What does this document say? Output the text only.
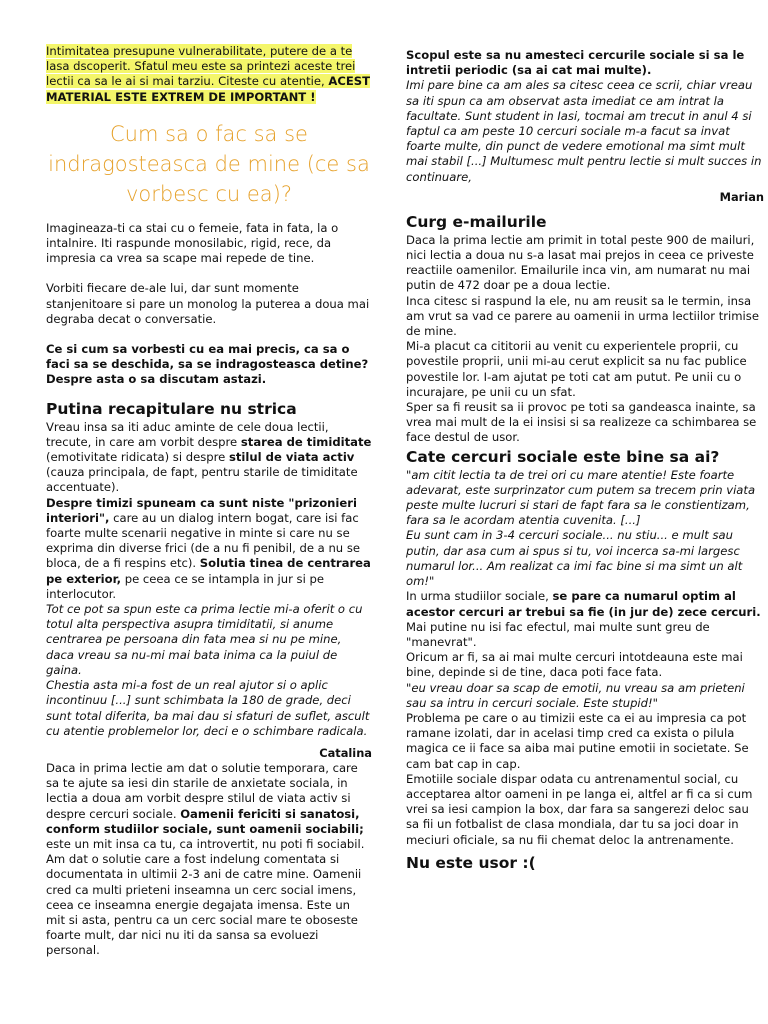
Intimitatea presupune vulnerabilitate, putere de a te lasa dscoperit. Sfatul meu este sa printezi aceste trei lectii ca sa le ai si mai tarziu. Citeste cu atentie, ACEST MATERIAL ESTE EXTREM DE IMPORTANT !

Cum sa o fac sa se indragosteasca de mine (ce sa vorbesc cu ea)?

Imagineaza-ti ca stai cu o femeie, fata in fata, la o intalnire. Iti raspunde monosilabic, rigid, rece, da impresia ca vrea sa scape mai repede de tine.

Vorbiti fiecare de-ale lui, dar sunt momente stanjenitoare si pare un monolog la puterea a doua mai degraba decat o conversatie.

Ce si cum sa vorbesti cu ea mai precis, ca sa o faci sa se deschida, sa se indragosteasca detine? Despre asta o sa discutam astazi.

Putina recapitulare nu strica

Vreau insa sa iti aduc aminte de cele doua lectii, trecute, in care am vorbit despre starea de timiditate (emotivitate ridicata) si despre stilul de viata activ (cauza principala, de fapt, pentru starile de timiditate accentuate).

Despre timizi spuneam ca sunt niste "prizonieri interiori", care au un dialog intern bogat, care isi fac foarte multe scenarii negative in minte si care nu se exprima din diverse frici (de a nu fi penibil, de a nu se bloca, de a fi respins etc). Solutia tinea de centrarea pe exterior, pe ceea ce se intampla in jur si pe interlocutor.

Tot ce pot sa spun este ca prima lectie mi-a oferit o cu totul alta perspectiva asupra timiditatii, si anume centrarea pe persoana din fata mea si nu pe mine, daca vreau sa nu-mi mai bata inima ca la puiul de gaina.

Chestia asta mi-a fost de un real ajutor si o aplic incontinuu [...] sunt schimbata la 180 de grade, deci sunt total diferita, ba mai dau si sfaturi de suflet, ascult cu atentie problemelor lor, deci e o schimbare radicala.

Catalina

Daca in prima lectie am dat o solutie temporara, care sa te ajute sa iesi din starile de anxietate sociala, in lectia a doua am vorbit despre stilul de viata activ si despre cercuri sociale. Oamenii fericiti si sanatosi, conform studiilor sociale, sunt oamenii sociabili; este un mit insa ca tu, ca introvertit, nu poti fi sociabil.

Am dat o solutie care a fost indelung comentata si documentata in ultimii 2-3 ani de catre mine. Oamenii cred ca multi prieteni inseamna un cerc social imens, ceea ce inseamna energie degajata imensa. Este un mit si asta, pentru ca un cerc social mare te oboseste foarte mult, dar nici nu iti da sansa sa evoluezi personal.

Scopul este sa nu amesteci cercurile sociale si sa le intretii periodic (sa ai cat mai multe).

Imi pare bine ca am ales sa citesc ceea ce scrii, chiar vreau sa iti spun ca am observat asta imediat ce am intrat la facultate. Sunt student in Iasi, tocmai am trecut in anul 4 si faptul ca am peste 10 cercuri sociale m-a facut sa invat foarte multe, din punct de vedere emotional ma simt mult mai stabil [...] Multumesc mult pentru lectie si mult succes in continuare,

Marian

Curg e-mailurile

Daca la prima lectie am primit in total peste 900 de mailuri, nici lectia a doua nu s-a lasat mai prejos in ceea ce priveste reactiile oamenilor. Emailurile inca vin, am numarat nu mai putin de 472 doar pe a doua lectie.

Inca citesc si raspund la ele, nu am reusit sa le termin, insa am vrut sa vad ce parere au oamenii in urma lectiilor trimise de mine.

Mi-a placut ca cititorii au venit cu experientele proprii, cu povestile proprii, unii mi-au cerut explicit sa nu fac publice povestile lor. I-am ajutat pe toti cat am putut. Pe unii cu o incurajare, pe unii cu un sfat.

Sper sa fi reusit sa ii provoc pe toti sa gandeasca inainte, sa vrea mai mult de la ei insisi si sa realizeze ca schimbarea se face destul de usor.

Cate cercuri sociale este bine sa ai?

"am citit lectia ta de trei ori cu mare atentie! Este foarte adevarat, este surprinzator cum putem sa trecem prin viata peste multe lucruri si stari de fapt fara sa le constientizam, fara sa le acordam atentia cuvenita. [...]

Eu sunt cam in 3-4 cercuri sociale... nu stiu... e mult sau putin, dar asa cum ai spus si tu, voi incerca sa-mi largesc numarul lor... Am realizat ca imi fac bine si ma simt un alt om!"

In urma studiilor sociale, se pare ca numarul optim al acestor cercuri ar trebui sa fie (in jur de) zece cercuri. Mai putine nu isi fac efectul, mai multe sunt greu de "manevrat".

Oricum ar fi, sa ai mai multe cercuri intotdeauna este mai bine, depinde si de tine, daca poti face fata.

"eu vreau doar sa scap de emotii, nu vreau sa am prieteni sau sa intru in cercuri sociale. Este stupid!"

Problema pe care o au timizii este ca ei au impresia ca pot ramane izolati, dar in acelasi timp cred ca exista o pilula magica ce ii face sa aiba mai putine emotii in societate. Se cam bat cap in cap.

Emotiile sociale dispar odata cu antrenamentul social, cu acceptarea altor oameni in pe langa ei, altfel ar fi ca si cum vrei sa iesi campion la box, dar fara sa sangerezi deloc sau sa fii un fotbalist de clasa mondiala, dar tu sa joci doar in meciuri oficiale, sa nu fii chemat deloc la antrenamente.

Nu este usor :(
